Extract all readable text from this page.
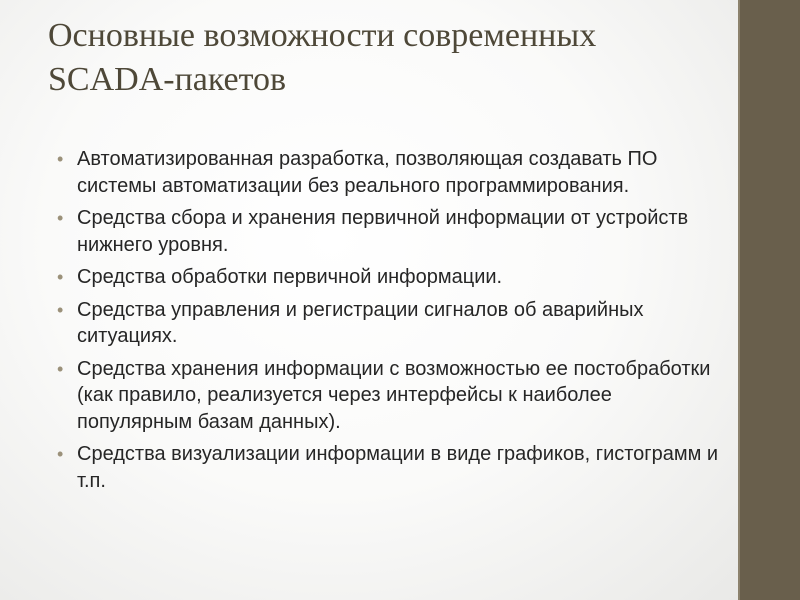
Основные возможности современных
SCADA-пакетов
• Автоматизированная разработка, позволяющая создавать ПО системы автоматизации без реального программирования.
• Средства сбора и хранения первичной информации от устройств нижнего уровня.
• Средства обработки первичной информации.
• Средства управления и регистрации сигналов об аварийных ситуациях.
• Средства хранения информации с возможностью ее постобработки (как правило, реализуется через интерфейсы к наиболее популярным базам данных).
• Средства визуализации информации в виде графиков, гистограмм и т.п.
